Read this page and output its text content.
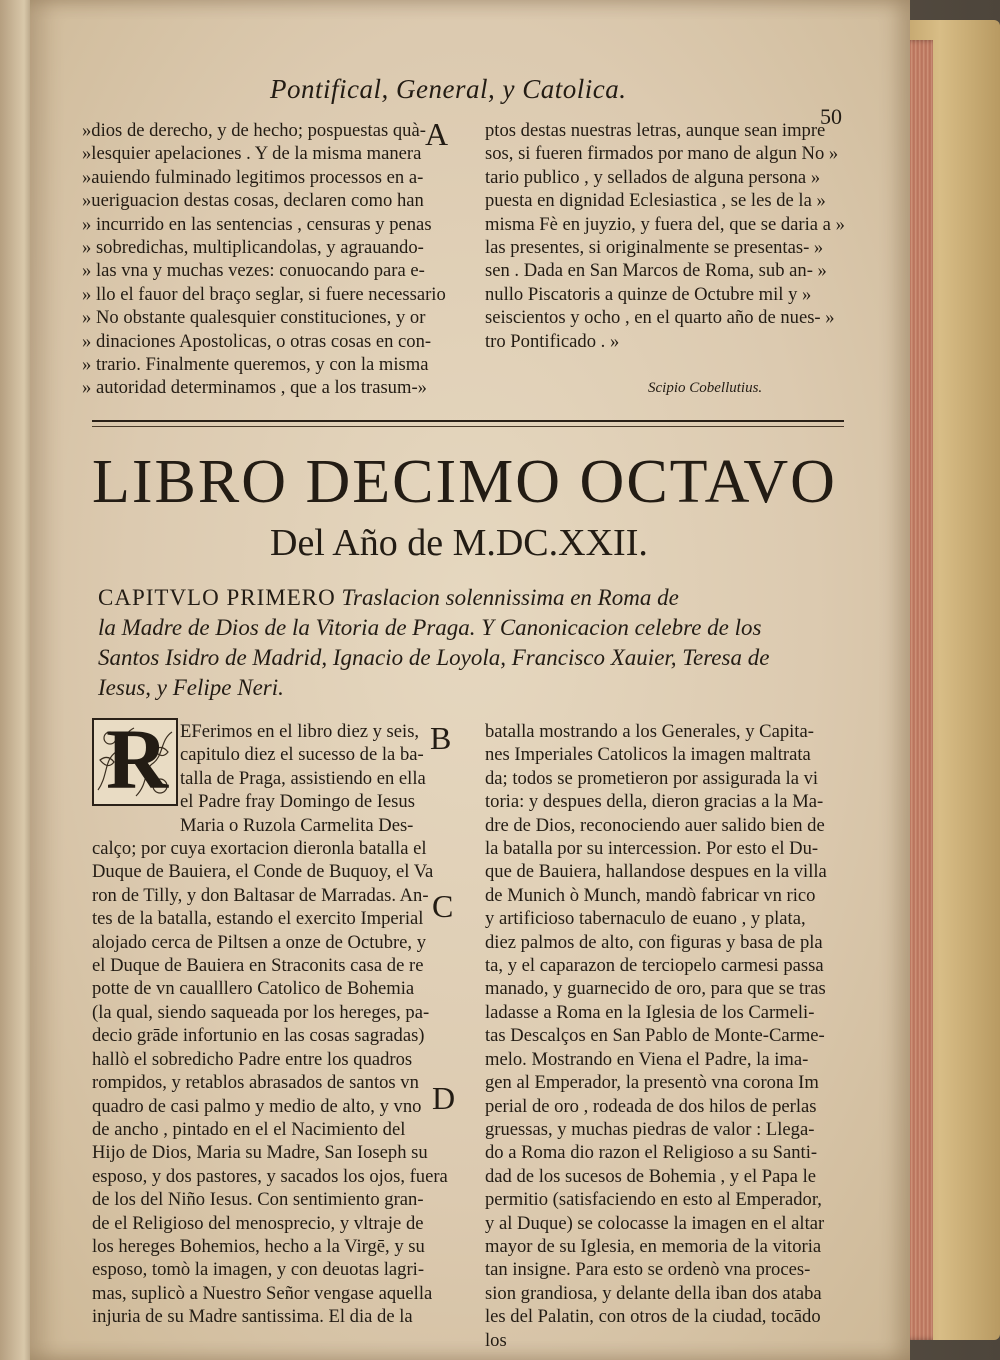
Pontifical, General, y Catolica.
50
»dios de derecho, y de hecho; pospuestas quà-
»lesquier apelaciones . Y de la misma manera
»auiendo fulminado legitimos processos en a-
»ueriguacion destas cosas, declaren como han
» incurrido en las sentencias , censuras y penas
» sobredichas, multiplicandolas, y agrauando-
» las vna y muchas vezes: conuocando para e-
» llo el fauor del braço seglar, si fuere necessario
» No obstante qualesquier constituciones, y or
» dinaciones Apostolicas, o otras cosas en con-
» trario. Finalmente queremos, y con la misma
» autoridad determinamos , que a los trasum-»
A ptos destas nuestras letras, aunque sean impre
sos, si fueren firmados por mano de algun No »
tario publico , y sellados de alguna persona »
puesta en dignidad Eclesiastica , se les de la »
misma Fè en juyzio, y fuera del, que se daria a »
las presentes, si originalmente se presentas- »
sen . Dada en San Marcos de Roma, sub an- »
nullo Piscatoris a quinze de Octubre mil y »
seiscientos y ocho , en el quarto año de nues- »
tro Pontificado . »
Scipio Cobellutius.
LIBRO DECIMO OCTAVO
Del Año de M.DC.XXII.
CAPITVLO PRIMERO Traslacion solennissima en Roma de
la Madre de Dios de la Vitoria de Praga. Y Canonicacion celebre de los
Santos Isidro de Madrid, Ignacio de Loyola, Francisco Xauier, Teresa de
Iesus, y Felipe Neri.
R EFerimos en el libro diez y seis,
capitulo diez el sucesso de la ba-
talla de Praga, assistiendo en ella
el Padre fray Domingo de Iesus
Maria o Ruzola Carmelita Des-
calço; por cuya exortacion dieronla batalla el
Duque de Bauiera, el Conde de Buquoy, el Va
ron de Tilly, y don Baltasar de Marradas. An-
tes de la batalla, estando el exercito Imperial
alojado cerca de Piltsen a onze de Octubre, y
el Duque de Bauiera en Straconits casa de re
potte de vn caualllero Catolico de Bohemia
(la qual, siendo saqueada por los hereges, pa-
decio grāde infortunio en las cosas sagradas)
hallò el sobredicho Padre entre los quadros
rompidos, y retablos abrasados de santos vn
quadro de casi palmo y medio de alto, y vno
de ancho , pintado en el el Nacimiento del
Hijo de Dios, Maria su Madre, San Ioseph su
esposo, y dos pastores, y sacados los ojos, fuera
de los del Niño Iesus. Con sentimiento gran-
de el Religioso del menosprecio, y vltraje de
los hereges Bohemios, hecho a la Virgē, y su
esposo, tomò la imagen, y con deuotas lagri-
mas, suplicò a Nuestro Señor vengase aquella
injuria de su Madre santissima. El dia de la
B
C
D
batalla mostrando a los Generales, y Capita-
nes Imperiales Catolicos la imagen maltrata
da; todos se prometieron por assigurada la vi
toria: y despues della, dieron gracias a la Ma-
dre de Dios, reconociendo auer salido bien de
la batalla por su intercession. Por esto el Du-
que de Bauiera, hallandose despues en la villa
de Munich ò Munch, mandò fabricar vn rico
y artificioso tabernaculo de euano , y plata,
diez palmos de alto, con figuras y basa de pla
ta, y el caparazon de terciopelo carmesi passa
manado, y guarnecido de oro, para que se tras
ladasse a Roma en la Iglesia de los Carmeli-
tas Descalços en San Pablo de Monte-Carme-
melo. Mostrando en Viena el Padre, la ima-
gen al Emperador, la presentò vna corona Im
perial de oro , rodeada de dos hilos de perlas
gruessas, y muchas piedras de valor : Llega-
do a Roma dio razon el Religioso a su Santi-
dad de los sucesos de Bohemia , y el Papa le
permitio (satisfaciendo en esto al Emperador,
y al Duque) se colocasse la imagen en el altar
mayor de su Iglesia, en memoria de la vitoria
tan insigne. Para esto se ordenò vna proces-
sion grandiosa, y delante della iban dos ataba
les del Palatin, con otros de la ciudad, tocādo
los
